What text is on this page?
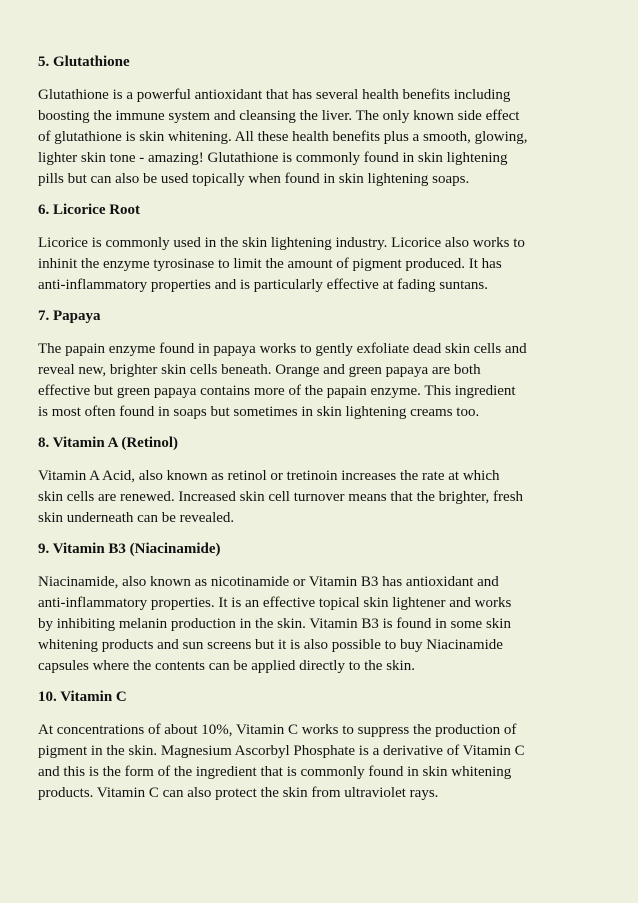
5. Glutathione
Glutathione is a powerful antioxidant that has several health benefits including
boosting the immune system and cleansing the liver. The only known side effect
of glutathione is skin whitening. All these health benefits plus a smooth, glowing,
lighter skin tone - amazing! Glutathione is commonly found in skin lightening
pills but can also be used topically when found in skin lightening soaps.
6. Licorice Root
Licorice is commonly used in the skin lightening industry. Licorice also works to
inhinit the enzyme tyrosinase to limit the amount of pigment produced. It has
anti-inflammatory properties and is particularly effective at fading suntans.
7. Papaya
The papain enzyme found in papaya works to gently exfoliate dead skin cells and
reveal new, brighter skin cells beneath. Orange and green papaya are both
effective but green papaya contains more of the papain enzyme. This ingredient
is most often found in soaps but sometimes in skin lightening creams too.
8. Vitamin A (Retinol)
Vitamin A Acid, also known as retinol or tretinoin increases the rate at which
skin cells are renewed. Increased skin cell turnover means that the brighter, fresh
skin underneath can be revealed.
9. Vitamin B3 (Niacinamide)
Niacinamide, also known as nicotinamide or Vitamin B3 has antioxidant and
anti-inflammatory properties. It is an effective topical skin lightener and works
by inhibiting melanin production in the skin. Vitamin B3 is found in some skin
whitening products and sun screens but it is also possible to buy Niacinamide
capsules where the contents can be applied directly to the skin.
10. Vitamin C
At concentrations of about 10%, Vitamin C works to suppress the production of
pigment in the skin. Magnesium Ascorbyl Phosphate is a derivative of Vitamin C
and this is the form of the ingredient that is commonly found in skin whitening
products. Vitamin C can also protect the skin from ultraviolet rays.
